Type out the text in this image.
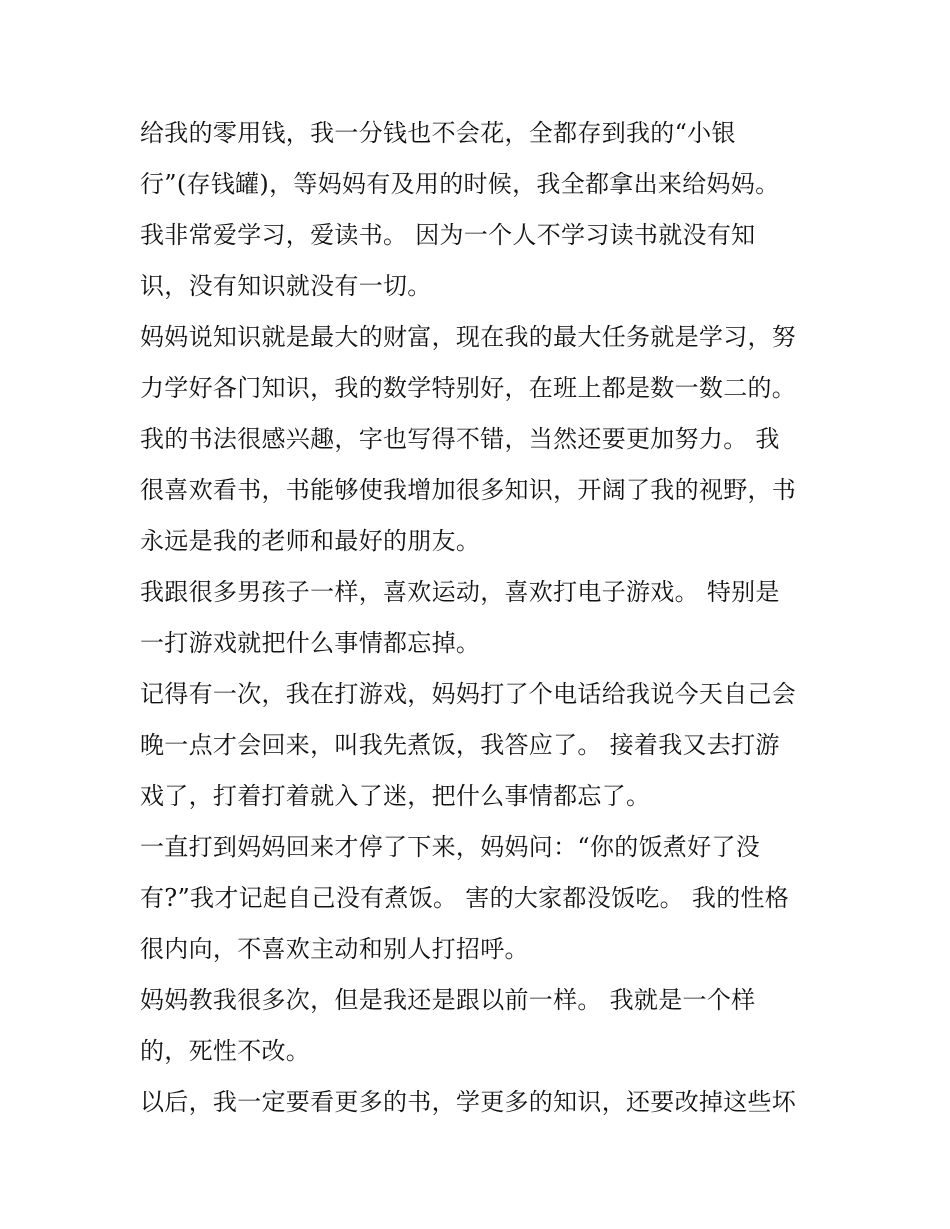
给我的零用钱，我一分钱也不会花，全都存到我的“小银
行”(存钱罐)，等妈妈有及用的时候，我全都拿出来给妈妈。
我非常爱学习，爱读书。 因为一个人不学习读书就没有知
识，没有知识就没有一切。
妈妈说知识就是最大的财富，现在我的最大任务就是学习，努
力学好各门知识，我的数学特别好，在班上都是数一数二的。
我的书法很感兴趣，字也写得不错，当然还要更加努力。 我
很喜欢看书，书能够使我增加很多知识，开阔了我的视野，书
永远是我的老师和最好的朋友。
我跟很多男孩子一样，喜欢运动，喜欢打电子游戏。 特别是
一打游戏就把什么事情都忘掉。
记得有一次，我在打游戏，妈妈打了个电话给我说今天自己会
晚一点才会回来，叫我先煮饭，我答应了。 接着我又去打游
戏了，打着打着就入了迷，把什么事情都忘了。
一直打到妈妈回来才停了下来，妈妈问：“你的饭煮好了没
有?”我才记起自己没有煮饭。 害的大家都没饭吃。 我的性格
很内向，不喜欢主动和别人打招呼。
妈妈教我很多次，但是我还是跟以前一样。 我就是一个样
的，死性不改。
以后，我一定要看更多的书，学更多的知识，还要改掉这些坏
